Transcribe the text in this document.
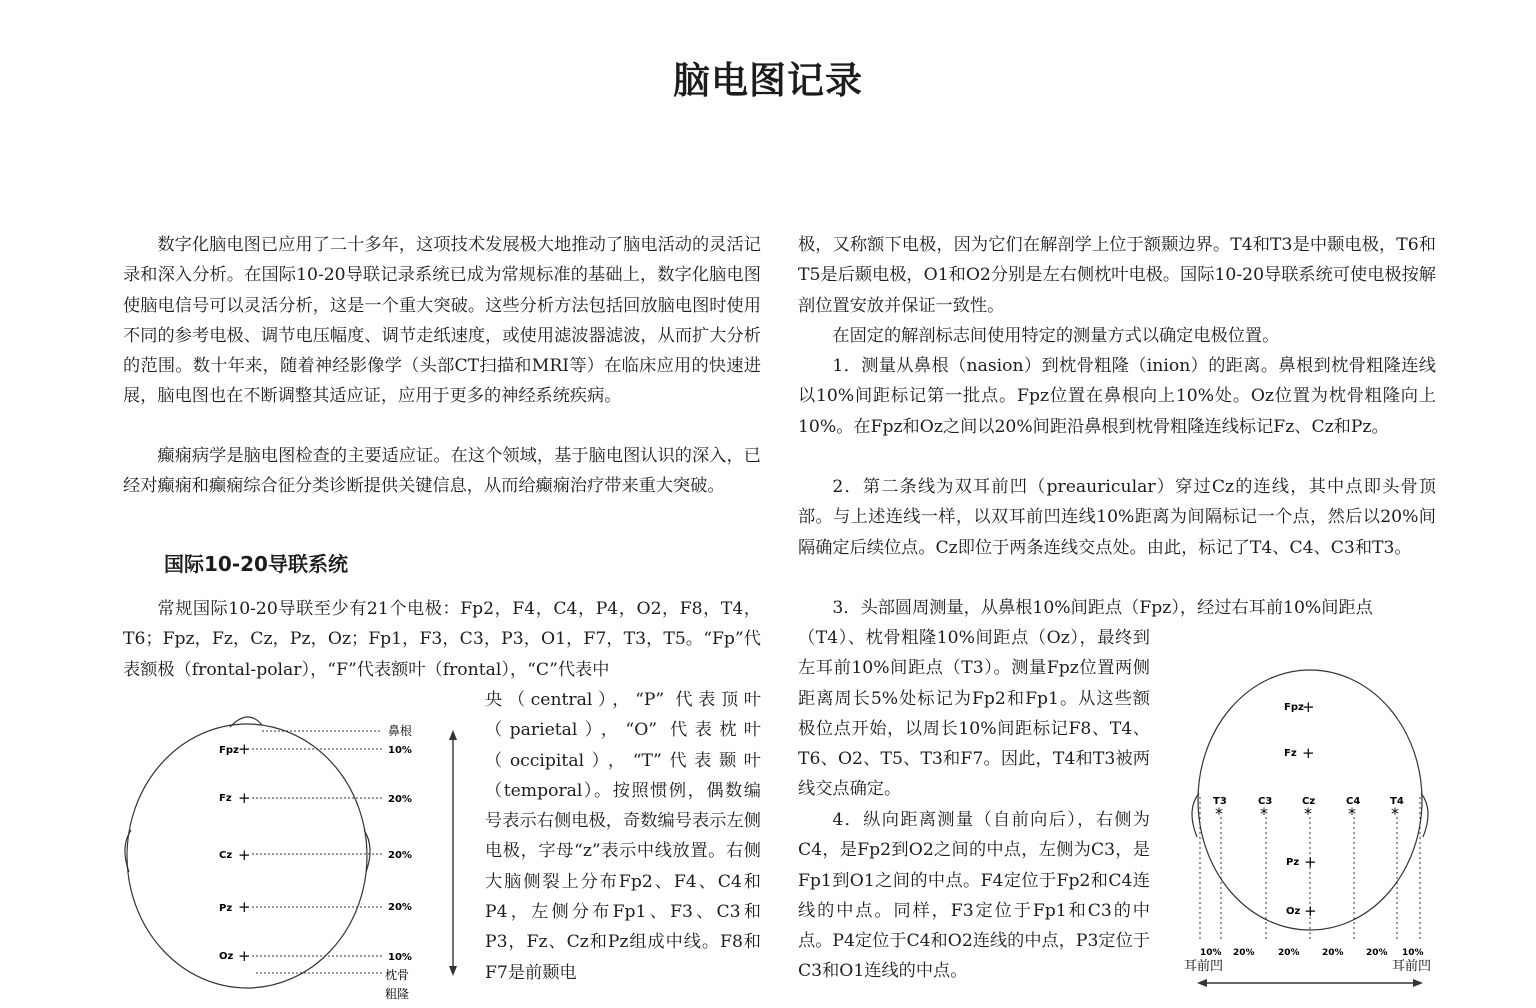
脑电图记录

数字化脑电图已应用了二十多年，这项技术发展极大地推动了脑电活动的灵活记录和深入分析。在国际10-20导联记录系统已成为常规标准的基础上，数字化脑电图使脑电信号可以灵活分析，这是一个重大突破。这些分析方法包括回放脑电图时使用不同的参考电极、调节电压幅度、调节走纸速度，或使用滤波器滤波，从而扩大分析的范围。数十年来，随着神经影像学（头部CT扫描和MRI等）在临床应用的快速进展，脑电图也在不断调整其适应证，应用于更多的神经系统疾病。

癫痫病学是脑电图检查的主要适应证。在这个领域，基于脑电图认识的深入，已经对癫痫和癫痫综合征分类诊断提供关键信息，从而给癫痫治疗带来重大突破。

国际10-20导联系统

常规国际10-20导联至少有21个电极：Fp2，F4，C4，P4，O2，F8，T4，T6；Fpz，Fz，Cz，Pz，Oz；Fp1，F3，C3，P3，O1，F7，T3，T5。“Fp”代表额极（frontal-polar），“F”代表额叶（frontal），“C”代表中

央（central），“P” 代表顶叶（parietal），“O” 代表枕叶（occipital），“T”代表颞叶（temporal）。按照惯例，偶数编号表示右侧电极，奇数编号表示左侧电极，字母“z”表示中线放置。右侧大脑侧裂上分布Fp2、F4、C4和P4，左侧分布Fp1、F3、C3和P3，Fz、Cz和Pz组成中线。F8和F7是前颞电

极，又称额下电极，因为它们在解剖学上位于额颞边界。T4和T3是中颞电极，T6和T5是后颞电极，O1和O2分别是左右侧枕叶电极。国际10-20导联系统可使电极按解剖位置安放并保证一致性。

在固定的解剖标志间使用特定的测量方式以确定电极位置。

1．测量从鼻根（nasion）到枕骨粗隆（inion）的距离。鼻根到枕骨粗隆连线以10%间距标记第一批点。Fpz位置在鼻根向上10%处。Oz位置为枕骨粗隆向上10%。在Fpz和Oz之间以20%间距沿鼻根到枕骨粗隆连线标记Fz、Cz和Pz。

2．第二条线为双耳前凹（preauricular）穿过Cz的连线，其中点即头骨顶部。与上述连线一样，以双耳前凹连线10%距离为间隔标记一个点，然后以20%间隔确定后续位点。Cz即位于两条连线交点处。由此，标记了T4、C4、C3和T3。

3．头部圆周测量，从鼻根10%间距点（Fpz），经过右耳前10%间距点

（T4）、枕骨粗隆10%间距点（Oz），最终到左耳前10%间距点（T3）。测量Fpz位置两侧距离周长5%处标记为Fp2和Fp1。从这些额极位点开始，以周长10%间距标记F8、T4、T6、O2、T5、T3和F7。因此，T4和T3被两线交点确定。

4．纵向距离测量（自前向后），右侧为C4，是Fp2到O2之间的中点，左侧为C3，是Fp1到O1之间的中点。F4定位于Fp2和C4连线的中点。同样，F3定位于Fp1和C3的中点。P4定位于C4和O2连线的中点，P3定位于C3和O1连线的中点。

鼻根
枕骨
粗隆
Fpz +	10%
Fz +	20%
Cz +	20%
Pz +	20%
Oz +	10%
Fpz
+
Fz +
Pz +
Oz +
T3
*
C3
*
Cz
*
C4
*
T4
*
10% 20%	20% 20% 20% 10%
耳前凹	耳前凹
